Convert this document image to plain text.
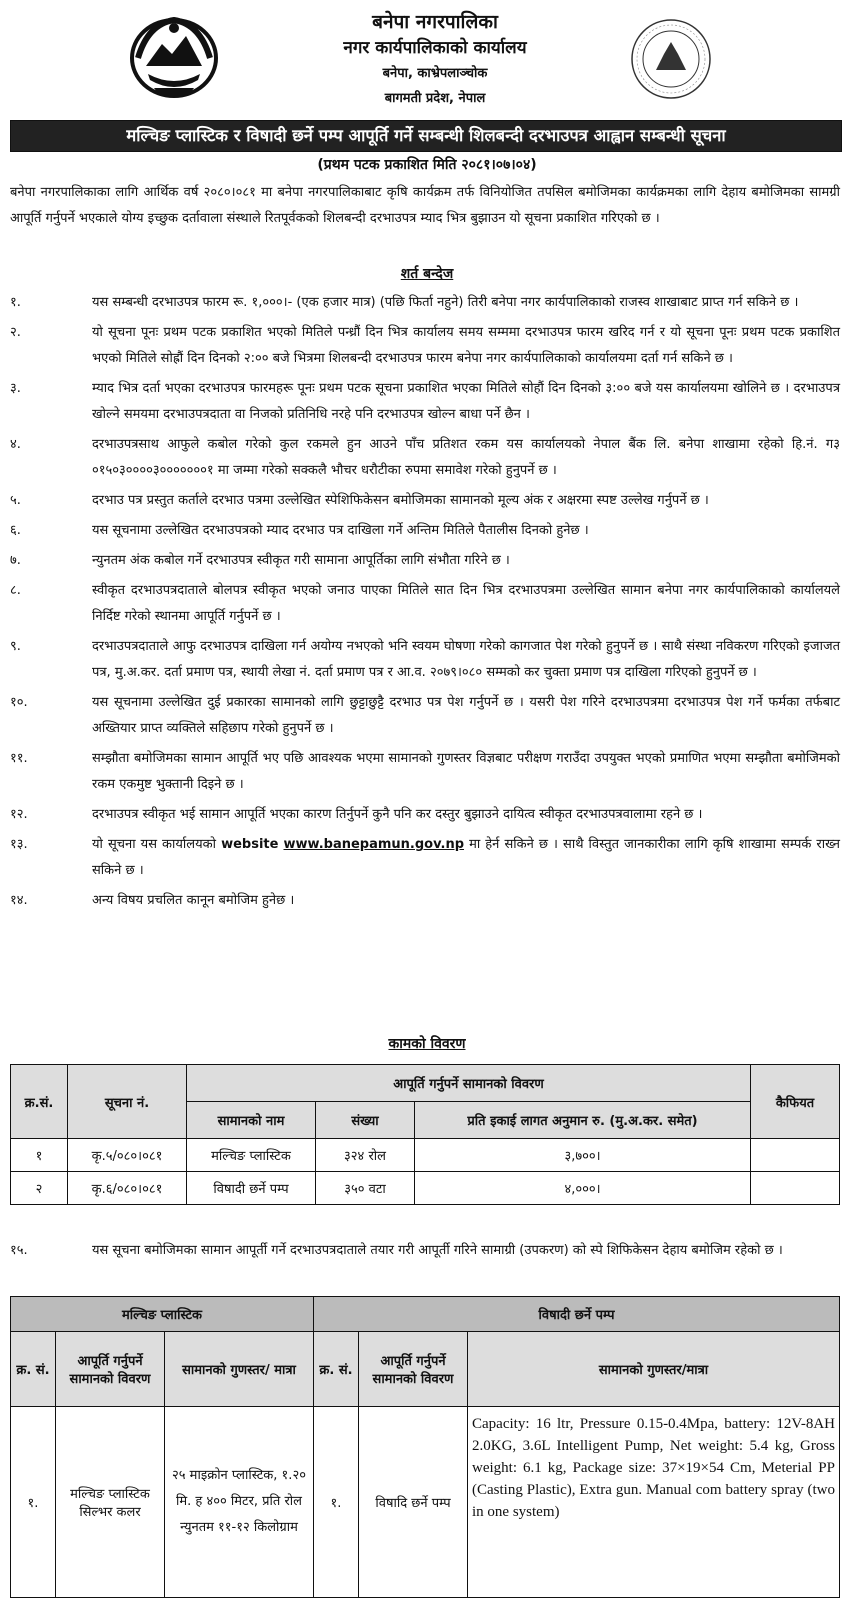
बनेपा नगरपालिका
नगर कार्यपालिकाको कार्यालय
बनेपा, काभ्रेपलाञ्चोक
बागमती प्रदेश, नेपाल
मल्चिङ प्लास्टिक र विषादी छर्ने पम्प आपूर्ति गर्ने सम्बन्धी शिलबन्दी दरभाउपत्र आह्वान सम्बन्धी सूचना
(प्रथम पटक प्रकाशित मिति २०८१।०७।०४)
बनेपा नगरपालिकाका लागि आर्थिक वर्ष २०८०।०८१ मा बनेपा नगरपालिकाबाट कृषि कार्यक्रम तर्फ विनियोजित तपसिल बमोजिमका कार्यक्रमका लागि देहाय बमोजिमका सामग्री आपूर्ति गर्नुपर्ने भएकाले योग्य इच्छुक दर्तावाला संस्थाले रितपूर्वकको शिलबन्दी दरभाउपत्र म्याद भित्र बुझाउन यो सूचना प्रकाशित गरिएको छ ।
शर्त बन्देज
१.	यस सम्बन्धी दरभाउपत्र फारम रू. १,०००।- (एक हजार मात्र) (पछि फिर्ता नहुने) तिरी बनेपा नगर कार्यपालिकाको राजस्व शाखाबाट प्राप्त गर्न सकिने छ ।
२.	यो सूचना पूनः प्रथम पटक प्रकाशित भएको मितिले पन्ध्रौं दिन भित्र कार्यालय समय सम्ममा दरभाउपत्र फारम खरिद गर्न र यो सूचना पूनः प्रथम पटक प्रकाशित भएको मितिले सोह्रौं दिन दिनको २:०० बजे भित्रमा शिलबन्दी दरभाउपत्र फारम बनेपा नगर कार्यपालिकाको कार्यालयमा दर्ता गर्न सकिने छ ।
३.	म्याद भित्र दर्ता भएका दरभाउपत्र फारमहरू पूनः प्रथम पटक सूचना प्रकाशित भएका मितिले सोहौं दिन दिनको ३:०० बजे यस कार्यालयमा खोलिने छ । दरभाउपत्र खोल्ने समयमा दरभाउपत्रदाता वा निजको प्रतिनिधि नरहे पनि दरभाउपत्र खोल्न बाधा पर्ने छैन ।
४.	दरभाउपत्रसाथ आफुले कबोल गरेको कुल रकमले हुन आउने पाँच प्रतिशत रकम यस कार्यालयको नेपाल बैंक लि. बनेपा शाखामा रहेको हि.नं. ग३ ०१५०३००००३०००००००१ मा जम्मा गरेको सक्कलै भौचर धरौटीका रुपमा समावेश गरेको हुनुपर्ने छ ।
५.	दरभाउ पत्र प्रस्तुत कर्ताले दरभाउ पत्रमा उल्लेखित स्पेशिफिकेसन बमोजिमका सामानको मूल्य अंक र अक्षरमा स्पष्ट उल्लेख गर्नुपर्ने छ ।
६.	यस सूचनामा उल्लेखित दरभाउपत्रको म्याद दरभाउ पत्र दाखिला गर्ने अन्तिम मितिले पैतालीस दिनको हुनेछ ।
७.	न्युनतम अंक कबोल गर्ने दरभाउपत्र स्वीकृत गरी सामाना आपूर्तिका लागि संभौता गरिने छ ।
८.	स्वीकृत दरभाउपत्रदाताले बोलपत्र स्वीकृत भएको जनाउ पाएका मितिले सात दिन भित्र दरभाउपत्रमा उल्लेखित सामान बनेपा नगर कार्यपालिकाको कार्यालयले निर्दिष्ट गरेको स्थानमा आपूर्ति गर्नुपर्ने छ ।
९.	दरभाउपत्रदाताले आफु दरभाउपत्र दाखिला गर्न अयोग्य नभएको भनि स्वयम घोषणा गरेको कागजात पेश गरेको हुनुपर्ने छ । साथै संस्था नविकरण गरिएको इजाजत पत्र, मु.अ.कर. दर्ता प्रमाण पत्र, स्थायी लेखा नं. दर्ता प्रमाण पत्र र आ.व. २०७९।०८० सम्मको कर चुक्ता प्रमाण पत्र दाखिला गरिएको हुनुपर्ने छ ।
१०.	यस सूचनामा उल्लेखित दुई प्रकारका सामानको लागि छुट्टाछुट्टै दरभाउ पत्र पेश गर्नुपर्ने छ । यसरी पेश गरिने दरभाउपत्रमा दरभाउपत्र पेश गर्ने फर्मका तर्फबाट अख्तियार प्राप्त व्यक्तिले सहिछाप गरेको हुनुपर्ने छ ।
११.	सम्झौता बमोजिमका सामान आपूर्ति भए पछि आवश्यक भएमा सामानको गुणस्तर विज्ञबाट परीक्षण गराउँदा उपयुक्त भएको प्रमाणित भएमा सम्झौता बमोजिमको रकम एकमुष्ट भुक्तानी दिइने छ ।
१२.	दरभाउपत्र स्वीकृत भई सामान आपूर्ति भएका कारण तिर्नुपर्ने कुनै पनि कर दस्तुर बुझाउने दायित्व स्वीकृत दरभाउपत्रवालामा रहने छ ।
१३.	यो सूचना यस कार्यालयको website www.banepamun.gov.np मा हेर्न सकिने छ । साथै विस्तुत जानकारीका लागि कृषि शाखामा सम्पर्क राख्न सकिने छ ।
१४.	अन्य विषय प्रचलित कानून बमोजिम हुनेछ ।
कामको विवरण
क्र.सं.	सूचना नं.	आपूर्ति गर्नुपर्ने सामानको विवरण			कैफियत
		सामानको नाम	संख्या	प्रति इकाई लागत अनुमान रु. (मु.अ.कर. समेत)	
१	कृ.५/०८०।०८१	मल्चिङ प्लास्टिक	३२४ रोल	३,७००।	
२	कृ.६/०८०।०८१	विषादी छर्ने पम्प	३५० वटा	४,०००।	
१५.	यस सूचना बमोजिमका सामान आपूर्ती गर्ने दरभाउपत्रदाताले तयार गरी आपूर्ती गरिने सामाग्री (उपकरण) को स्पे शिफिकेसन देहाय बमोजिम रहेको छ ।
मल्चिङ प्लास्टिक			विषादी छर्ने पम्प		
क्र. सं.	आपूर्ति गर्नुपर्ने सामानको विवरण	सामानको गुणस्तर/ मात्रा	क्र. सं.	आपूर्ति गर्नुपर्ने सामानको विवरण	सामानको गुणस्तर/मात्रा
१.	मल्चिङ प्लास्टिक सिल्भर कलर	२५ माइक्रोन प्लास्टिक, १.२० मि. ह ४०० मिटर, प्रति रोल न्युनतम ११-१२ किलोग्राम	१.	विषादि छर्ने पम्प	Capacity: 16 ltr, Pressure 0.15-0.4Mpa, battery: 12V-8AH 2.0KG, 3.6L Intelligent Pump, Net weight: 5.4 kg, Gross weight: 6.1 kg, Package size: 37×19×54 Cm, Meterial PP (Casting Plastic), Extra gun. Manual com battery spray (two in one system)
